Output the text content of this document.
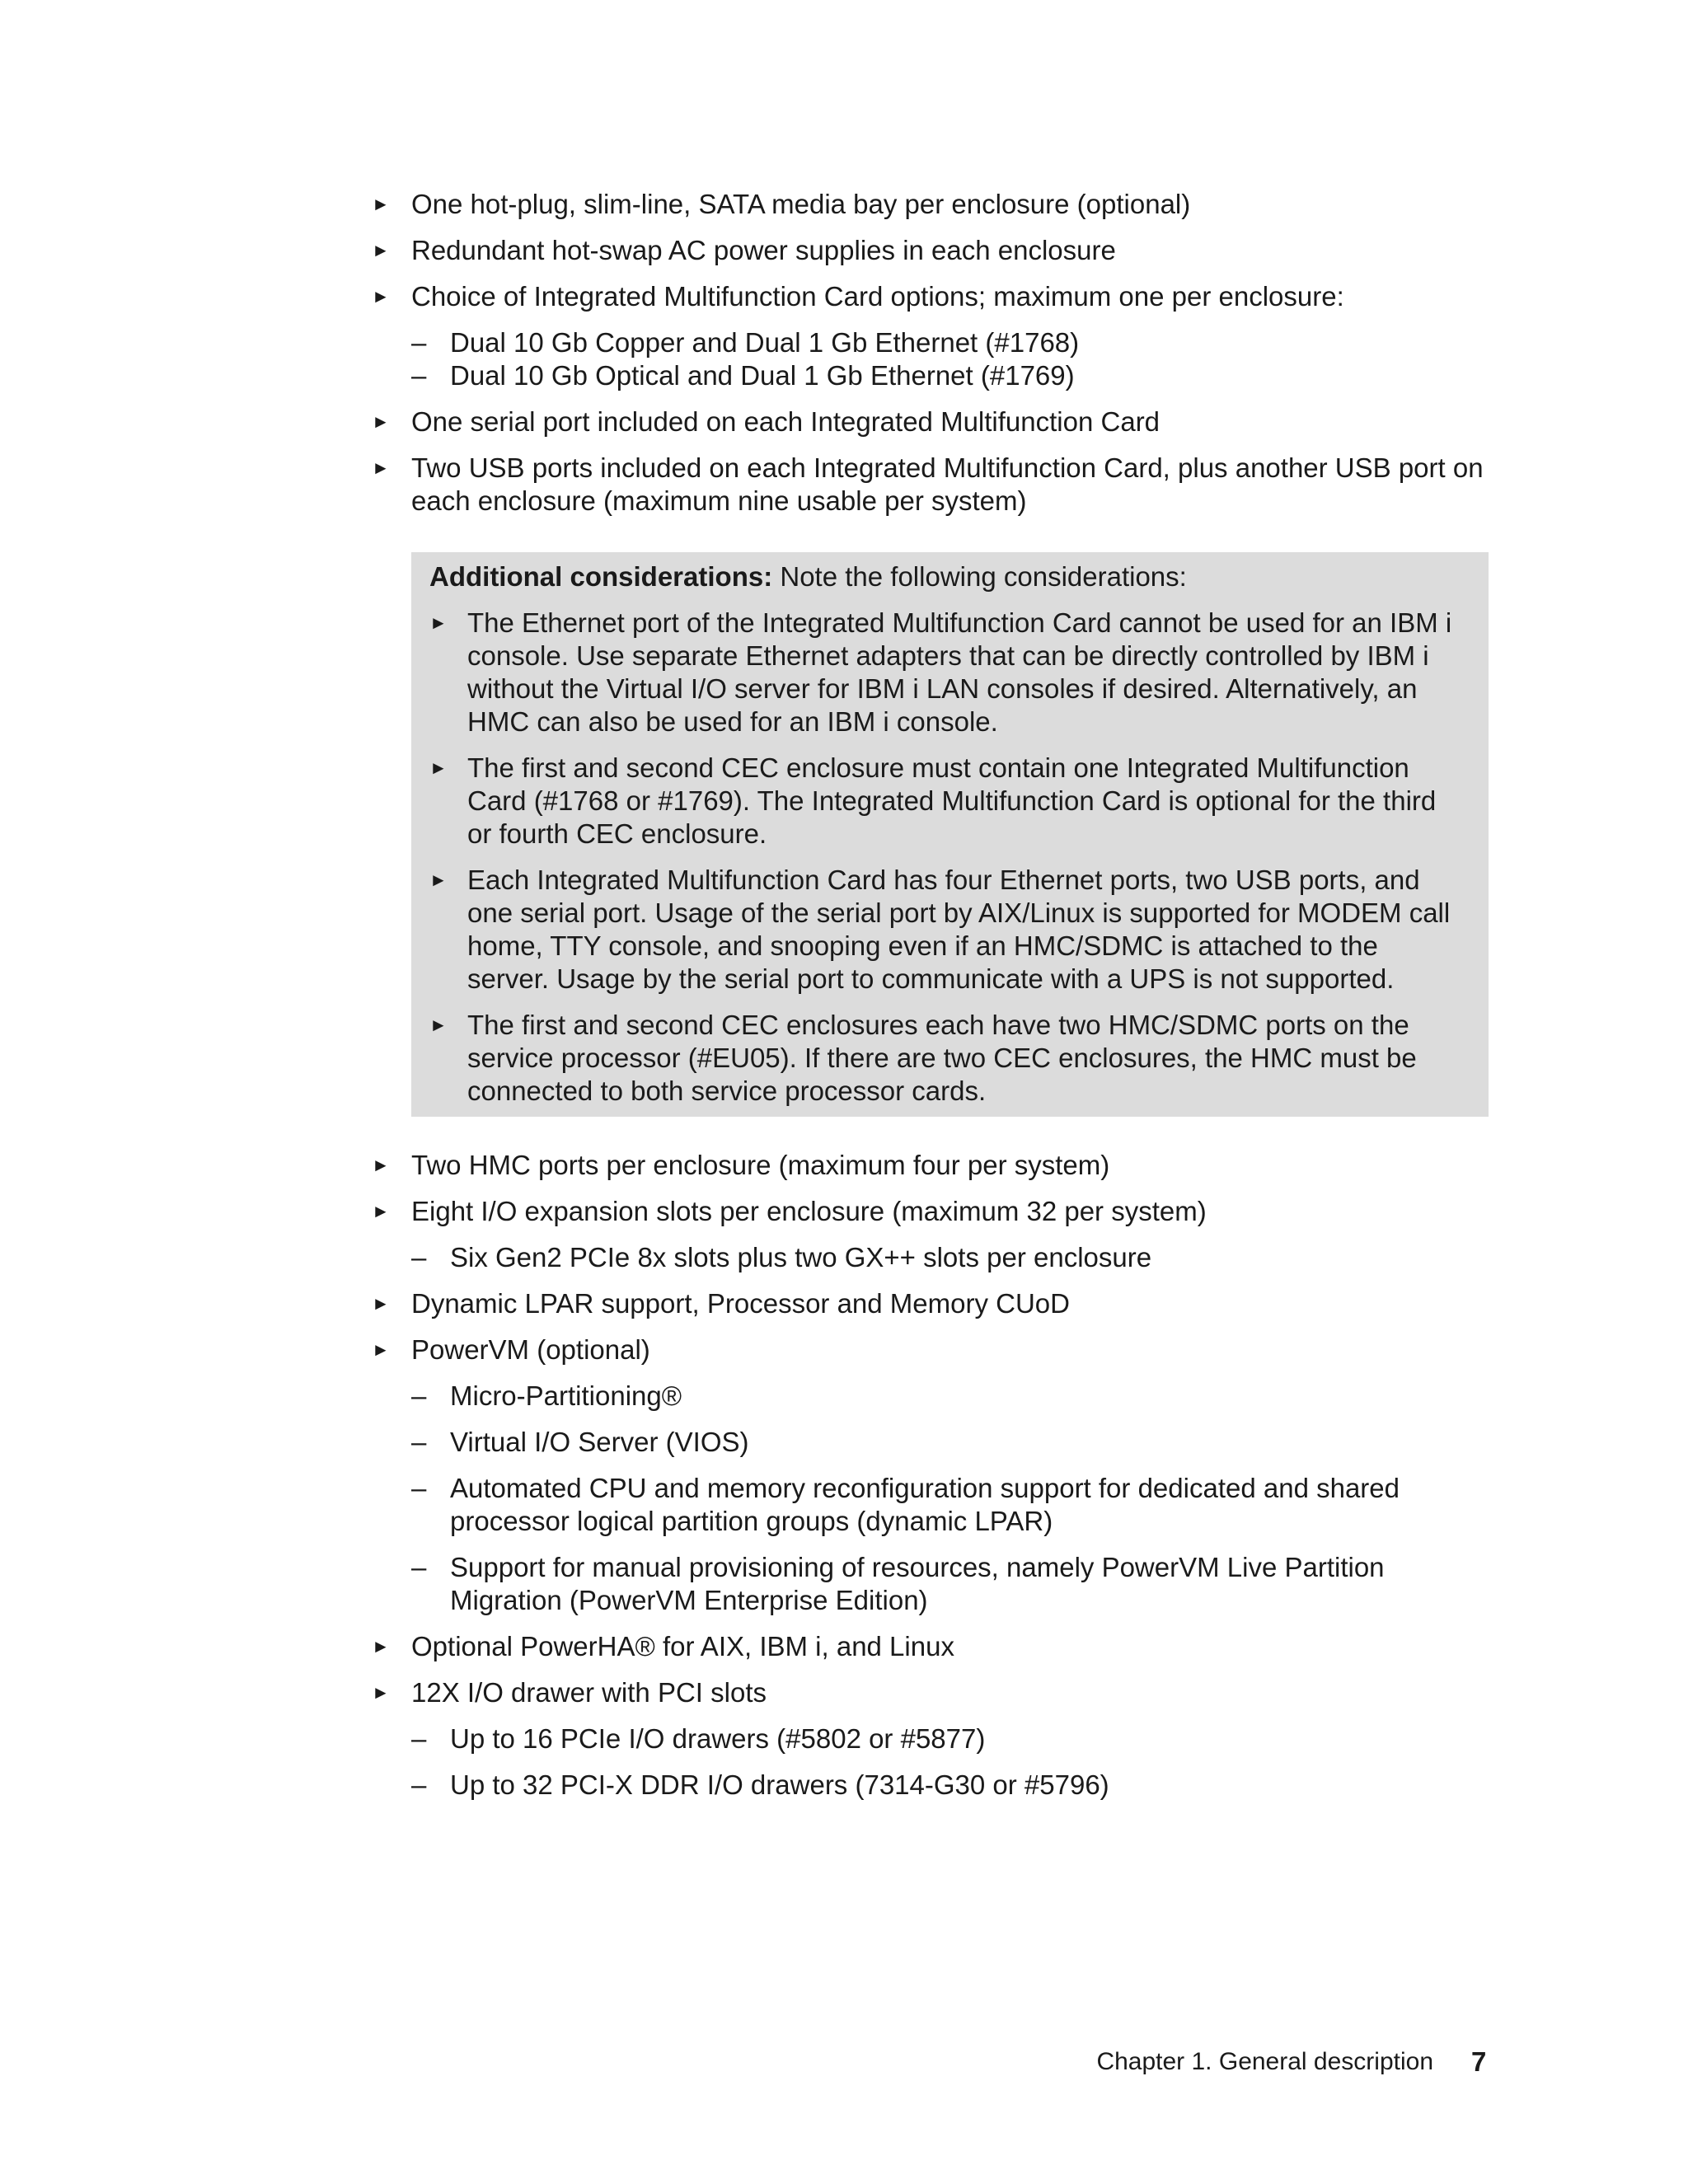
► One hot-plug, slim-line, SATA media bay per enclosure (optional)
► Redundant hot-swap AC power supplies in each enclosure
► Choice of Integrated Multifunction Card options; maximum one per enclosure:
– Dual 10 Gb Copper and Dual 1 Gb Ethernet (#1768)
– Dual 10 Gb Optical and Dual 1 Gb Ethernet (#1769)
► One serial port included on each Integrated Multifunction Card
► Two USB ports included on each Integrated Multifunction Card, plus another USB port on each enclosure (maximum nine usable per system)
Additional considerations: Note the following considerations:
► The Ethernet port of the Integrated Multifunction Card cannot be used for an IBM i console. Use separate Ethernet adapters that can be directly controlled by IBM i without the Virtual I/O server for IBM i LAN consoles if desired. Alternatively, an HMC can also be used for an IBM i console.
► The first and second CEC enclosure must contain one Integrated Multifunction Card (#1768 or #1769). The Integrated Multifunction Card is optional for the third or fourth CEC enclosure.
► Each Integrated Multifunction Card has four Ethernet ports, two USB ports, and one serial port. Usage of the serial port by AIX/Linux is supported for MODEM call home, TTY console, and snooping even if an HMC/SDMC is attached to the server. Usage by the serial port to communicate with a UPS is not supported.
► The first and second CEC enclosures each have two HMC/SDMC ports on the service processor (#EU05). If there are two CEC enclosures, the HMC must be connected to both service processor cards.
► Two HMC ports per enclosure (maximum four per system)
► Eight I/O expansion slots per enclosure (maximum 32 per system)
– Six Gen2 PCIe 8x slots plus two GX++ slots per enclosure
► Dynamic LPAR support, Processor and Memory CUoD
► PowerVM (optional)
– Micro-Partitioning®
– Virtual I/O Server (VIOS)
– Automated CPU and memory reconfiguration support for dedicated and shared processor logical partition groups (dynamic LPAR)
– Support for manual provisioning of resources, namely PowerVM Live Partition Migration (PowerVM Enterprise Edition)
► Optional PowerHA® for AIX, IBM i, and Linux
► 12X I/O drawer with PCI slots
– Up to 16 PCIe I/O drawers (#5802 or #5877)
– Up to 32 PCI-X DDR I/O drawers (7314-G30 or #5796)
Chapter 1. General description 7
